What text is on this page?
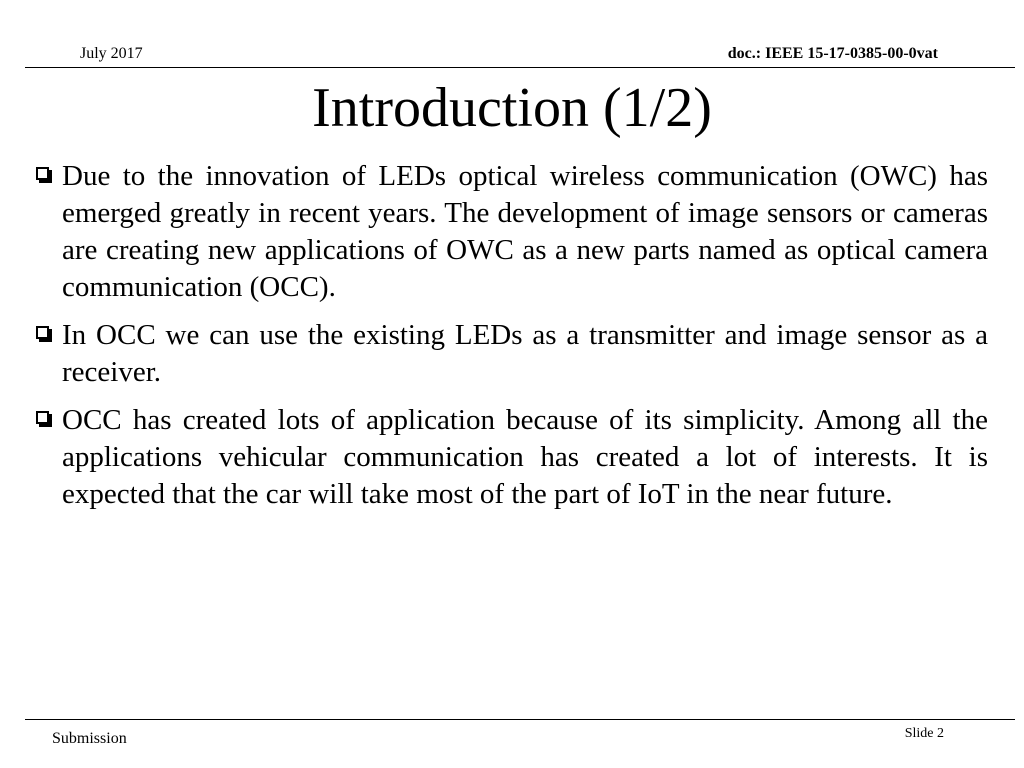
July 2017	doc.: IEEE 15-17-0385-00-0vat
Introduction (1/2)
Due to the innovation of LEDs optical wireless communication (OWC) has emerged greatly in recent years. The development of image sensors or cameras are creating new applications of OWC as a new parts named as optical camera communication (OCC).
In OCC we can use the existing LEDs as a transmitter and image sensor as a receiver.
OCC has created lots of application because of its simplicity. Among all the applications vehicular communication has created a lot of interests. It is expected that the car will take most of the part of IoT in the near future.
Submission	Slide 2
